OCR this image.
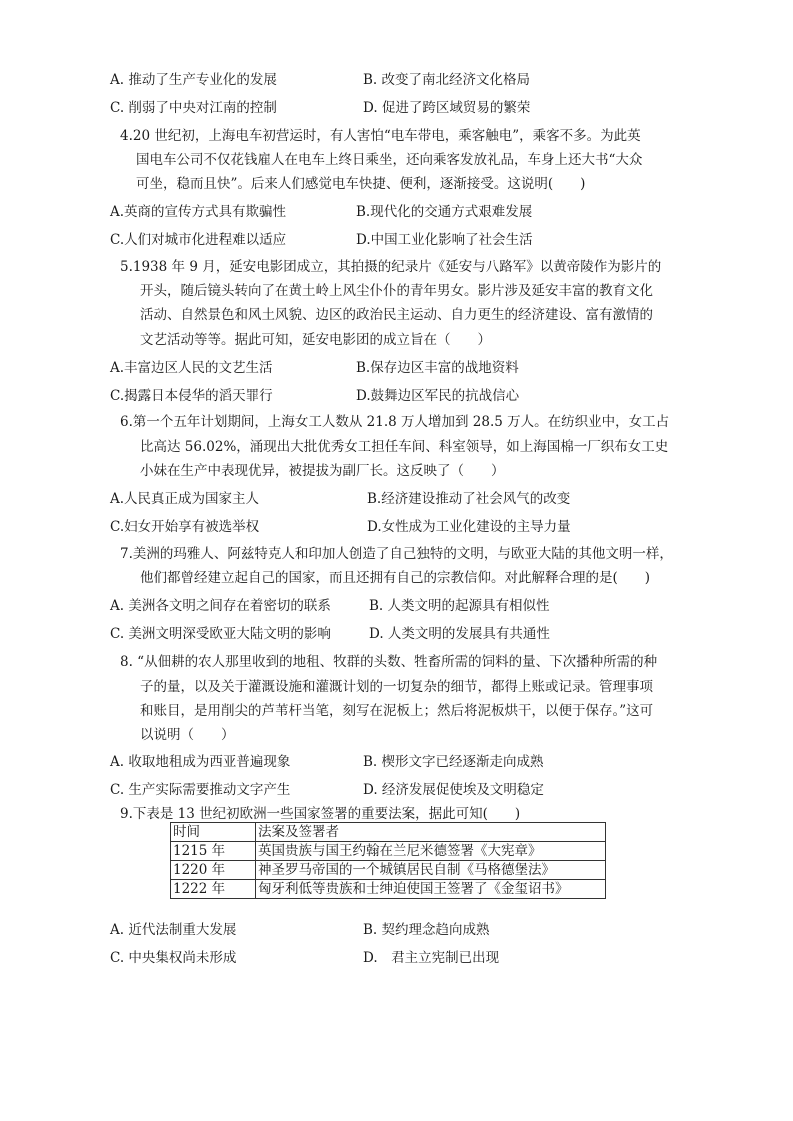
A. 推动了生产专业化的发展	B. 改变了南北经济文化格局
C. 削弱了中央对江南的控制	D. 促进了跨区域贸易的繁荣
4.20 世纪初，上海电车初营运时，有人害怕“电车带电，乘客触电”，乘客不多。为此英
国电车公司不仅花钱雇人在电车上终日乘坐，还向乘客发放礼品，车身上还大书“大众
可坐，稳而且快”。后来人们感觉电车快捷、便利，逐渐接受。这说明(　　)
A.英商的宣传方式具有欺骗性	B.现代化的交通方式艰难发展
C.人们对城市化进程难以适应	D.中国工业化影响了社会生活
5.1938 年 9 月，延安电影团成立，其拍摄的纪录片《延安与八路军》以黄帝陵作为影片的
开头，随后镜头转向了在黄土岭上风尘仆仆的青年男女。影片涉及延安丰富的教育文化
活动、自然景色和风土风貌、边区的政治民主运动、自力更生的经济建设、富有激情的
文艺活动等等。据此可知，延安电影团的成立旨在（　　）
A.丰富边区人民的文艺生活	B.保存边区丰富的战地资料
C.揭露日本侵华的滔天罪行	D.鼓舞边区军民的抗战信心
6.第一个五年计划期间，上海女工人数从 21.8 万人增加到 28.5 万人。在纺织业中，女工占
比高达 56.02%，涌现出大批优秀女工担任车间、科室领导，如上海国棉一厂织布女工史
小妹在生产中表现优异，被提拔为副厂长。这反映了（　　）
A.人民真正成为国家主人	B.经济建设推动了社会风气的改变
C.妇女开始享有被选举权	D.女性成为工业化建设的主导力量
7.美洲的玛雅人、阿兹特克人和印加人创造了自己独特的文明，与欧亚大陆的其他文明一样，
他们都曾经建立起自己的国家，而且还拥有自己的宗教信仰。对此解释合理的是(　　)
A. 美洲各文明之间存在着密切的联系	B. 人类文明的起源具有相似性
C. 美洲文明深受欧亚大陆文明的影响	D. 人类文明的发展具有共通性
8. “从佃耕的农人那里收到的地租、牧群的头数、牲畜所需的饲料的量、下次播种所需的种
子的量，以及关于灌溉设施和灌溉计划的一切复杂的细节，都得上账或记录。管理事项
和账目，是用削尖的芦苇杆当笔，刻写在泥板上；然后将泥板烘干，以便于保存。”这可
以说明（　　）
A. 收取地租成为西亚普遍现象	B. 楔形文字已经逐渐走向成熟
C. 生产实际需要推动文字产生	D. 经济发展促使埃及文明稳定
9.下表是 13 世纪初欧洲一些国家签署的重要法案，据此可知(　　)
时间	法案及签署者
1215 年	英国贵族与国王约翰在兰尼米德签署《大宪章》
1220 年	神圣罗马帝国的一个城镇居民自制《马格德堡法》
1222 年	匈牙利低等贵族和士绅迫使国王签署了《金玺诏书》
A. 近代法制重大发展	B. 契约理念趋向成熟
C. 中央集权尚未形成	D.　君主立宪制已出现
